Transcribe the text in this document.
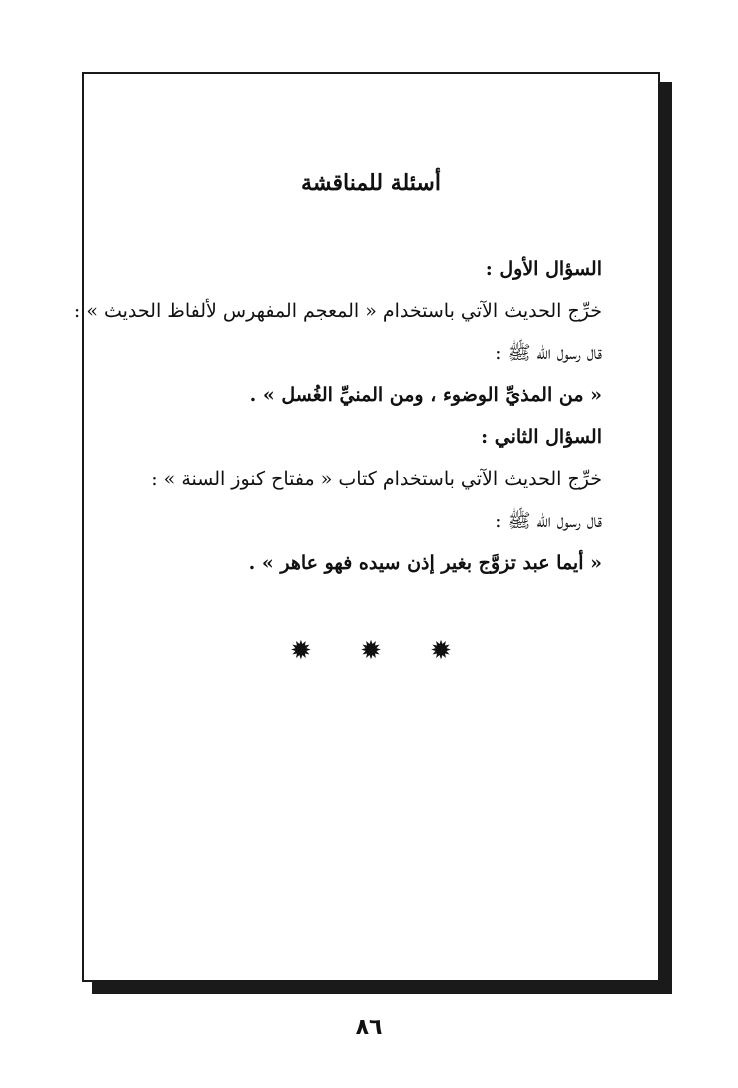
أسئلة للمناقشة
السؤال الأول :
خرِّج الحديث الآتي باستخدام « المعجم المفهرس لألفاظ الحديث » :
قال رسول الله ﷺ :
« من المذيِّ الوضوء ، ومن المنيِّ الغُسل » .
السؤال الثاني :
خرِّج الحديث الآتي باستخدام كتاب « مفتاح كنوز السنة » :
قال رسول الله ﷺ :
« أيما عبد تزوَّج بغير إذن سيده فهو عاهر » .
✹ ✹ ✹
٨٦
